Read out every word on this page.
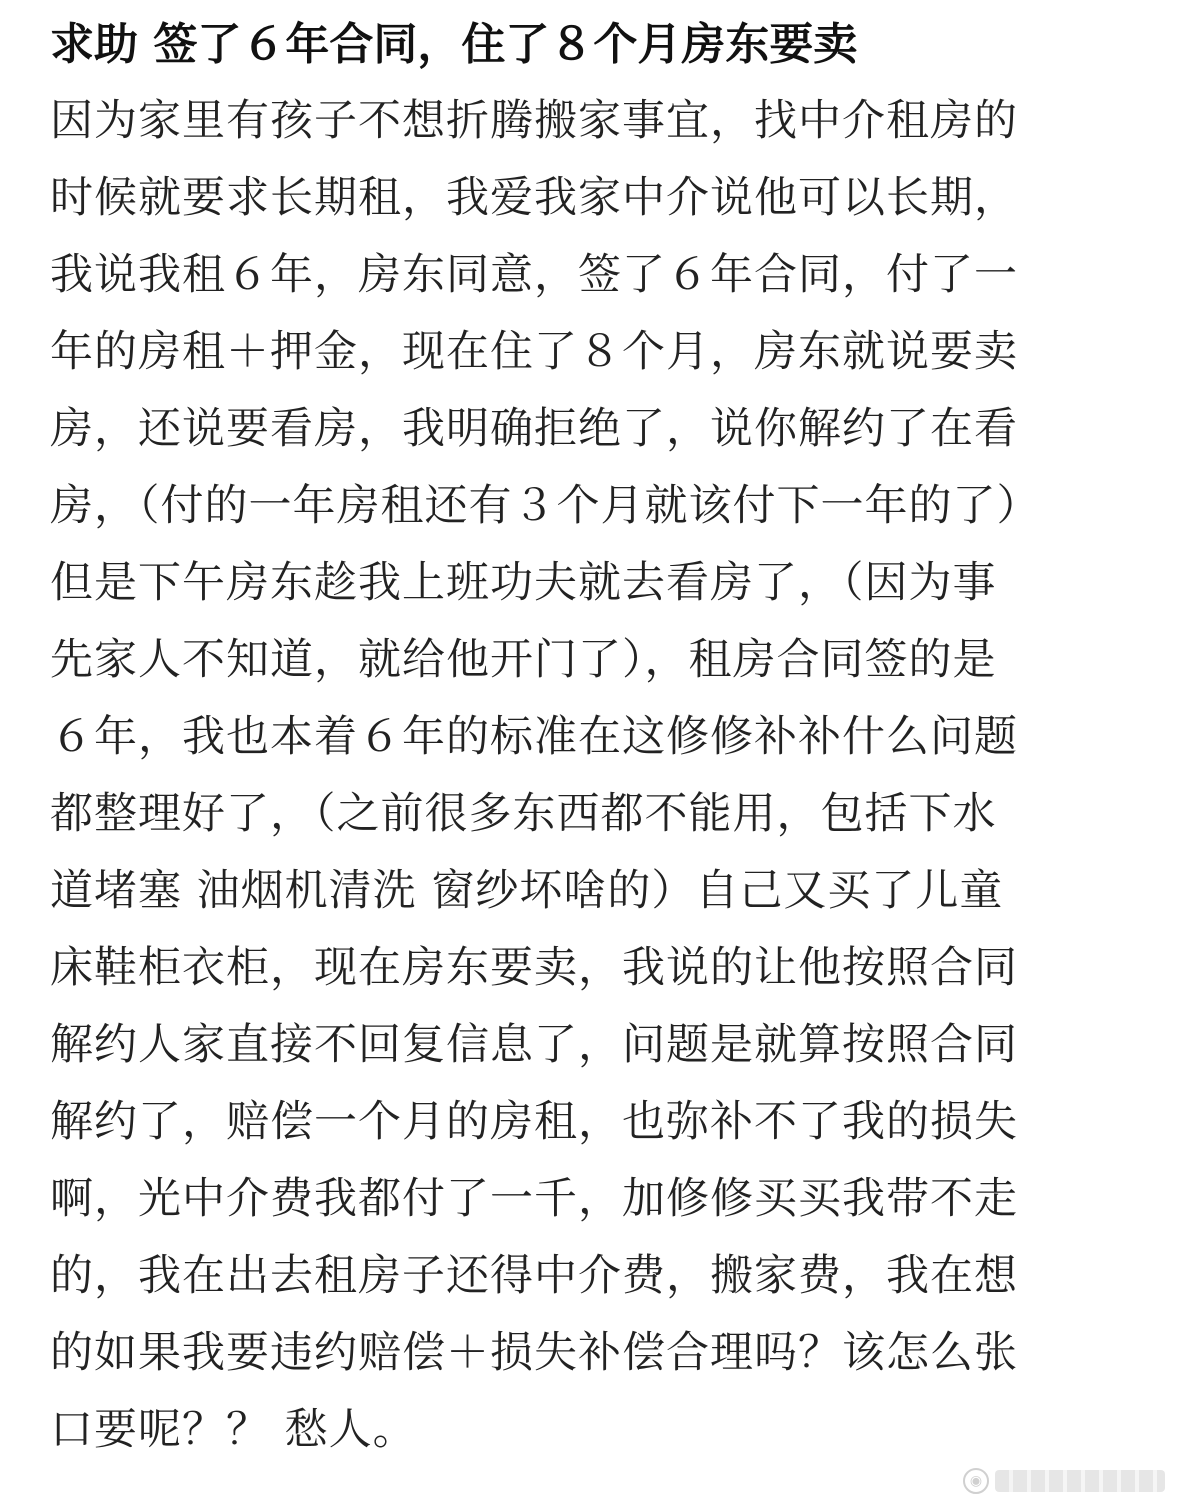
求助 签了６年合同，住了８个月房东要卖
因为家里有孩子不想折腾搬家事宜，找中介租房的
时候就要求长期租，我爱我家中介说他可以长期，
我说我租６年，房东同意，签了６年合同，付了一
年的房租＋押金，现在住了８个月，房东就说要卖
房，还说要看房，我明确拒绝了，说你解约了在看
房，（付的一年房租还有３个月就该付下一年的了）
但是下午房东趁我上班功夫就去看房了，（因为事
先家人不知道，就给他开门了），租房合同签的是
６年，我也本着６年的标准在这修修补补什么问题
都整理好了，（之前很多东西都不能用，包括下水
道堵塞 油烟机清洗 窗纱坏啥的）自己又买了儿童
床鞋柜衣柜，现在房东要卖，我说的让他按照合同
解约人家直接不回复信息了，问题是就算按照合同
解约了，赔偿一个月的房租，也弥补不了我的损失
啊，光中介费我都付了一千，加修修买买我带不走
的，我在出去租房子还得中介费，搬家费，我在想
的如果我要违约赔偿＋损失补偿合理吗？该怎么张
口要呢？？ 愁人。
◉
